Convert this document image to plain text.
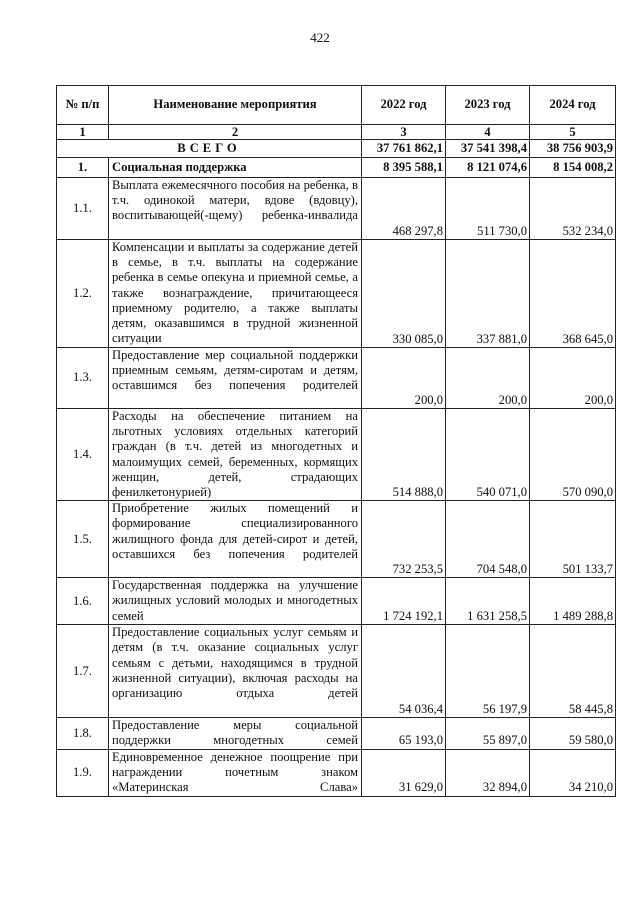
422
№ п/п	Наименование мероприятия	2022 год	2023 год	2024 год
1	2	3	4	5
ВСЕГО		37 761 862,1	37 541 398,4	38 756 903,9
1.	Социальная поддержка	8 395 588,1	8 121 074,6	8 154 008,2
1.1.	Выплата ежемесячного пособия на ребенка, в т.ч. одинокой матери, вдове (вдовцу), воспитывающей(-щему) ребенка-инвалида	468 297,8	511 730,0	532 234,0
1.2.	Компенсации и выплаты за содержание детей в семье, в т.ч. выплаты на содержание ребенка в семье опекуна и приемной семье, а также вознаграждение, причитающееся приемному родителю, а также выплаты детям, оказавшимся в трудной жизненной ситуации	330 085,0	337 881,0	368 645,0
1.3.	Предоставление мер социальной поддержки приемным семьям, детям-сиротам и детям, оставшимся без попечения родителей	200,0	200,0	200,0
1.4.	Расходы на обеспечение питанием на льготных условиях отдельных категорий граждан (в т.ч. детей из многодетных и малоимущих семей, беременных, кормящих женщин, детей, страдающих фенилкетонурией)	514 888,0	540 071,0	570 090,0
1.5.	Приобретение жилых помещений и формирование специализированного жилищного фонда для детей-сирот и детей, оставшихся без попечения родителей	732 253,5	704 548,0	501 133,7
1.6.	Государственная поддержка на улучшение жилищных условий молодых и многодетных семей	1 724 192,1	1 631 258,5	1 489 288,8
1.7.	Предоставление социальных услуг семьям и детям (в т.ч. оказание социальных услуг семьям с детьми, находящимся в трудной жизненной ситуации), включая расходы на организацию отдыха детей	54 036,4	56 197,9	58 445,8
1.8.	Предоставление меры социальной поддержки многодетных семей	65 193,0	55 897,0	59 580,0
1.9.	Единовременное денежное поощрение при награждении почетным знаком «Материнская Слава»	31 629,0	32 894,0	34 210,0
